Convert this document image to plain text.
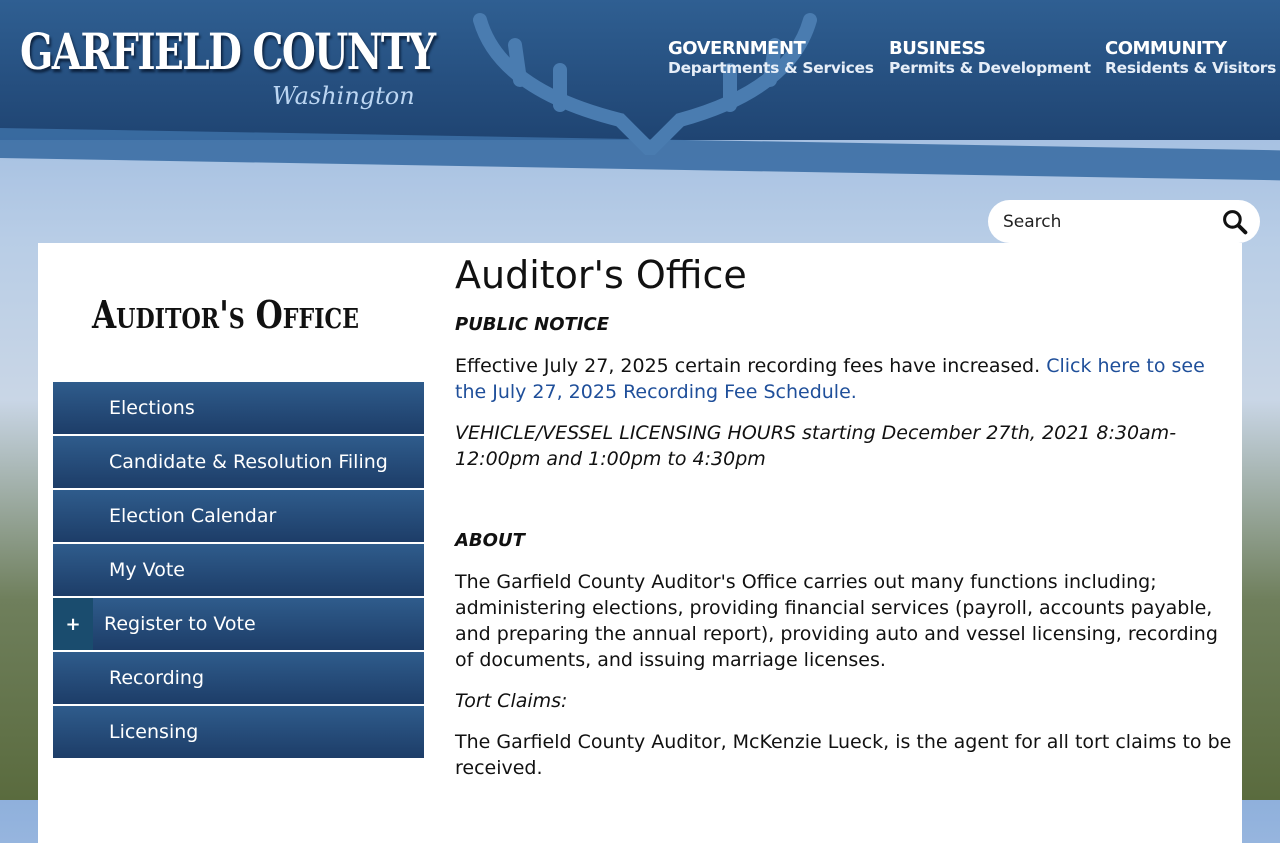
GARFIELD COUNTY
Washington
GOVERNMENT
Departments & Services
BUSINESS
Permits & Development
COMMUNITY
Residents & Visitors
Search
Auditor's Office
Elections
Candidate & Resolution Filing
Election Calendar
My Vote
+	Register to Vote
Recording
Licensing
Auditor's Office

PUBLIC NOTICE

Effective July 27, 2025 certain recording fees have increased. Click here to see the July 27, 2025 Recording Fee Schedule.

VEHICLE/VESSEL LICENSING HOURS starting December 27th, 2021 8:30am-12:00pm and 1:00pm to 4:30pm

ABOUT

The Garfield County Auditor's Office carries out many functions including; administering elections, providing financial services (payroll, accounts payable, and preparing the annual report), providing auto and vessel licensing, recording of documents, and issuing marriage licenses.

Tort Claims:

The Garfield County Auditor, McKenzie Lueck, is the agent for all tort claims to be received.
